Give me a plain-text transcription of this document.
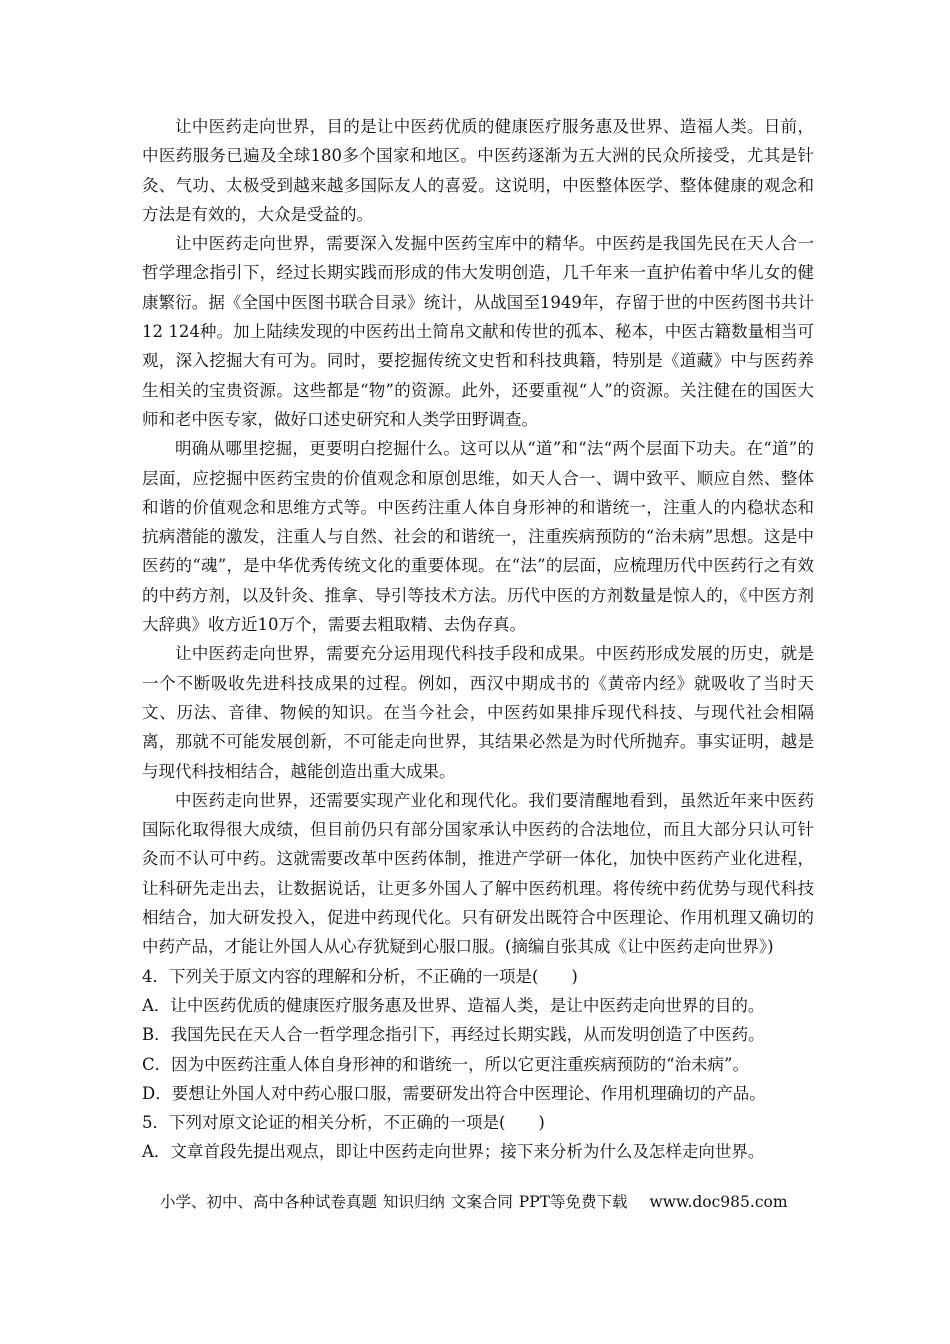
让中医药走向世界，目的是让中医药优质的健康医疗服务惠及世界、造福人类。日前，中医药服务已遍及全球180多个国家和地区。中医药逐渐为五大洲的民众所接受，尤其是针灸、气功、太极受到越来越多国际友人的喜爱。这说明，中医整体医学、整体健康的观念和方法是有效的，大众是受益的。

让中医药走向世界，需要深入发掘中医药宝库中的精华。中医药是我国先民在天人合一哲学理念指引下，经过长期实践而形成的伟大发明创造，几千年来一直护佑着中华儿女的健康繁衍。据《全国中医图书联合目录》统计，从战国至1949年，存留于世的中医药图书共计12 124种。加上陆续发现的中医药出土简帛文献和传世的孤本、秘本，中医古籍数量相当可观，深入挖掘大有可为。同时，要挖掘传统文史哲和科技典籍，特别是《道藏》中与医药养生相关的宝贵资源。这些都是“物”的资源。此外，还要重视“人”的资源。关注健在的国医大师和老中医专家，做好口述史研究和人类学田野调查。

明确从哪里挖掘，更要明白挖掘什么。这可以从“道”和“法“两个层面下功夫。在“道”的层面，应挖掘中医药宝贵的价值观念和原创思维，如天人合一、调中致平、顺应自然、整体和谐的价值观念和思维方式等。中医药注重人体自身形神的和谐统一，注重人的内稳状态和抗病潜能的激发，注重人与自然、社会的和谐统一，注重疾病预防的“治未病”思想。这是中医药的“魂”，是中华优秀传统文化的重要体现。在“法”的层面，应梳理历代中医药行之有效的中药方剂，以及针灸、推拿、导引等技术方法。历代中医的方剂数量是惊人的，《中医方剂大辞典》收方近10万个，需要去粗取精、去伪存真。

让中医药走向世界，需要充分运用现代科技手段和成果。中医药形成发展的历史，就是一个不断吸收先进科技成果的过程。例如，西汉中期成书的《黄帝内经》就吸收了当时天文、历法、音律、物候的知识。在当今社会，中医药如果排斥现代科技、与现代社会相隔离，那就不可能发展创新，不可能走向世界，其结果必然是为时代所抛弃。事实证明，越是与现代科技相结合，越能创造出重大成果。

中医药走向世界，还需要实现产业化和现代化。我们要清醒地看到，虽然近年来中医药国际化取得很大成绩，但目前仍只有部分国家承认中医药的合法地位，而且大部分只认可针灸而不认可中药。这就需要改革中医药体制，推进产学研一体化，加快中医药产业化进程，让科研先走出去，让数据说话，让更多外国人了解中医药机理。将传统中药优势与现代科技相结合，加大研发投入，促进中药现代化。只有研发出既符合中医理论、作用机理又确切的中药产品，才能让外国人从心存犹疑到心服口服。(摘编自张其成《让中医药走向世界》)

4．下列关于原文内容的理解和分析，不正确的一项是(　　)

A．让中医药优质的健康医疗服务惠及世界、造福人类，是让中医药走向世界的目的。

B．我国先民在天人合一哲学理念指引下，再经过长期实践，从而发明创造了中医药。

C．因为中医药注重人体自身形神的和谐统一，所以它更注重疾病预防的“治未病”。

D．要想让外国人对中药心服口服，需要研发出符合中医理论、作用机理确切的产品。

5．下列对原文论证的相关分析，不正确的一项是(　　)

A．文章首段先提出观点，即让中医药走向世界；接下来分析为什么及怎样走向世界。

小学、初中、高中各种试卷真题 知识归纳 文案合同 PPT等免费下载 www.doc985.com
